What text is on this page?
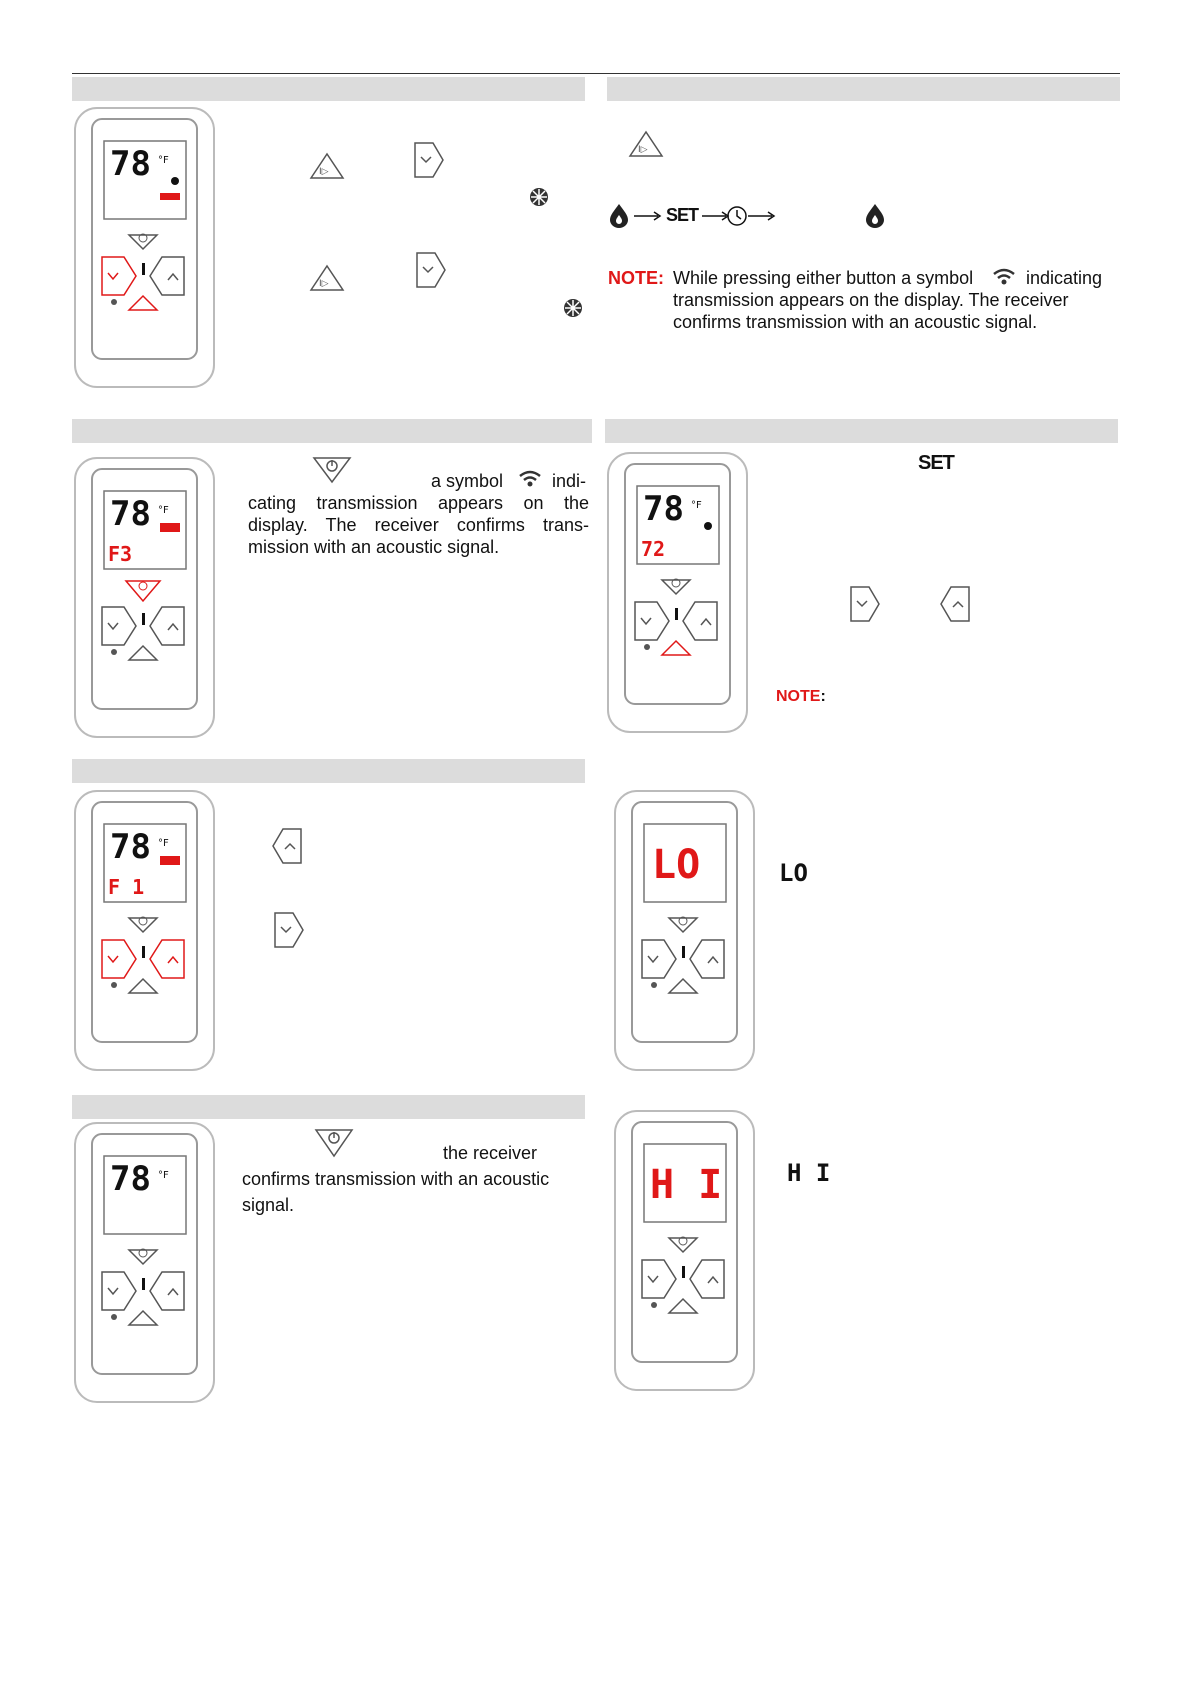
78 °F
I▷
I▷
I▷
SET
NOTE: While pressing either button a symbol	indicating
transmission appears on the display. The receiver
confirms transmission with an acoustic signal.
78 °F
F3
a symbol	indi-
cating transmission appears on the
display. The receiver confirms trans-
mission with an acoustic signal.
78 °F
72
SET
NOTE:
78 °F
F 1	LO	LO
78 °F
the receiver
confirms transmission with an acoustic
signal.	H I	H I
